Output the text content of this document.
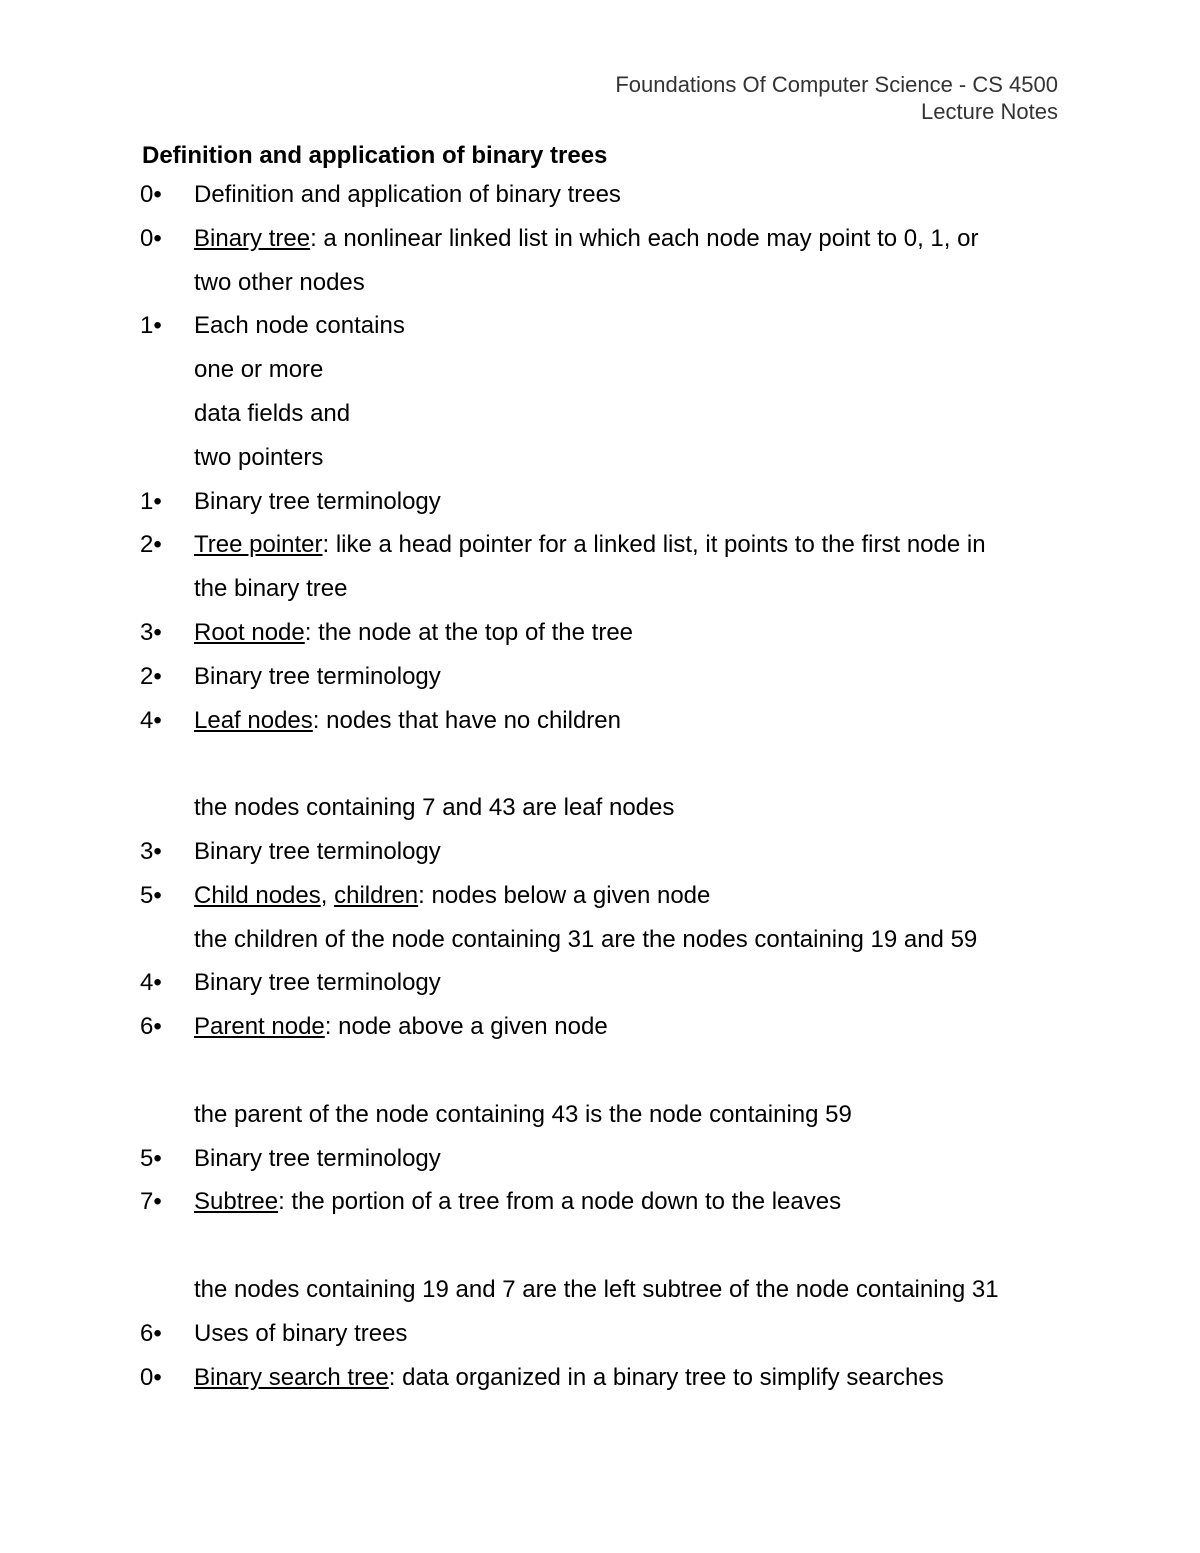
Foundations Of Computer Science - CS 4500
Lecture Notes
Definition and application of binary trees
0• Definition and application of binary trees
0• Binary tree: a nonlinear linked list in which each node may point to 0, 1, or
two other nodes
1• Each node contains
one or more
data fields and
two pointers
1• Binary tree terminology
2• Tree pointer: like a head pointer for a linked list, it points to the first node in
the binary tree
3• Root node: the node at the top of the tree
2• Binary tree terminology
4• Leaf nodes: nodes that have no children
the nodes containing 7 and 43 are leaf nodes
3• Binary tree terminology
5• Child nodes, children: nodes below a given node
the children of the node containing 31 are the nodes containing 19 and 59
4• Binary tree terminology
6• Parent node: node above a given node
the parent of the node containing 43 is the node containing 59
5• Binary tree terminology
7• Subtree: the portion of a tree from a node down to the leaves
the nodes containing 19 and 7 are the left subtree of the node containing 31
6• Uses of binary trees
0• Binary search tree: data organized in a binary tree to simplify searches
